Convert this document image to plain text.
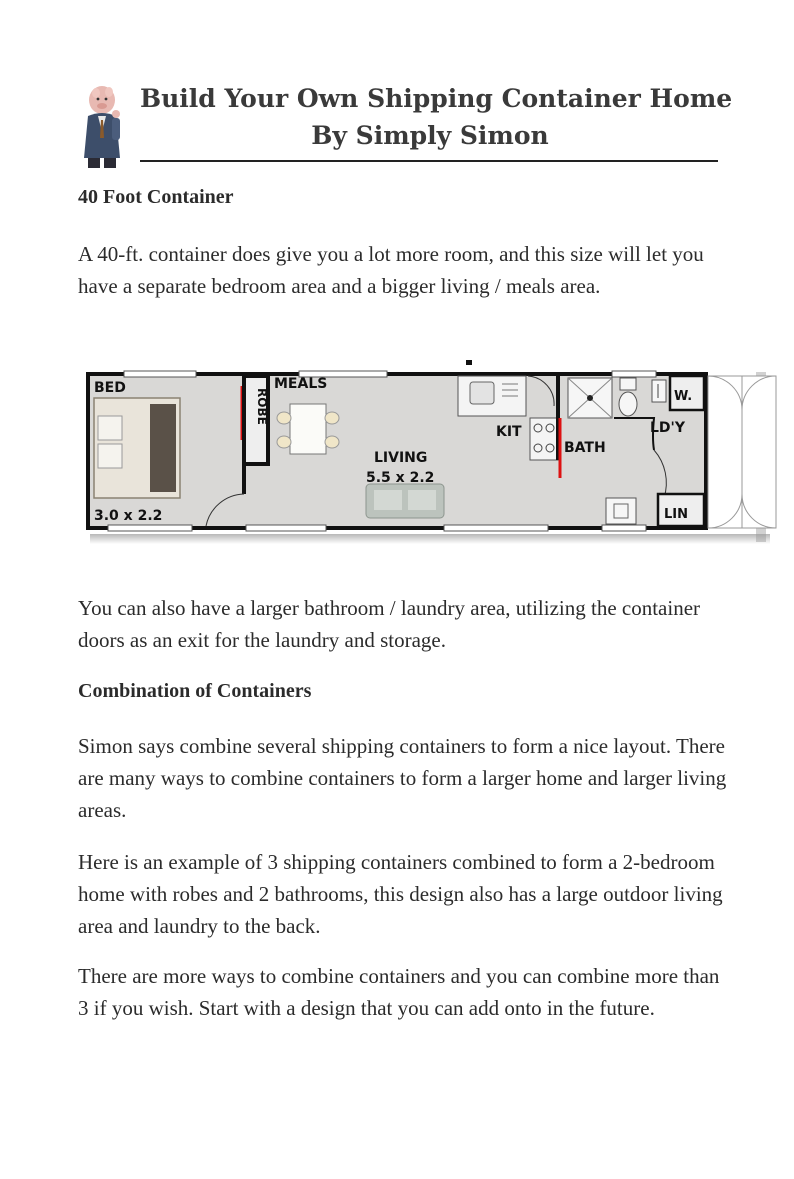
Build Your Own Shipping Container Home
By Simply Simon
40 Foot Container
A 40-ft. container does give you a lot more room, and this size will let you have a separate bedroom area and a bigger living / meals area.
BED
3.0 x 2.2
ROBE
MEALS
LIVING
5.5 x 2.2
KIT
BATH
W.
LD'Y
LIN
You can also have a larger bathroom / laundry area, utilizing the container doors as an exit for the laundry and storage.
Combination of Containers
Simon says combine several shipping containers to form a nice layout. There are many ways to combine containers to form a larger home and larger living areas.
Here is an example of 3 shipping containers combined to form a 2-bedroom home with robes and 2 bathrooms, this design also has a large outdoor living area and laundry to the back.
There are more ways to combine containers and you can combine more than 3 if you wish. Start with a design that you can add onto in the future.
